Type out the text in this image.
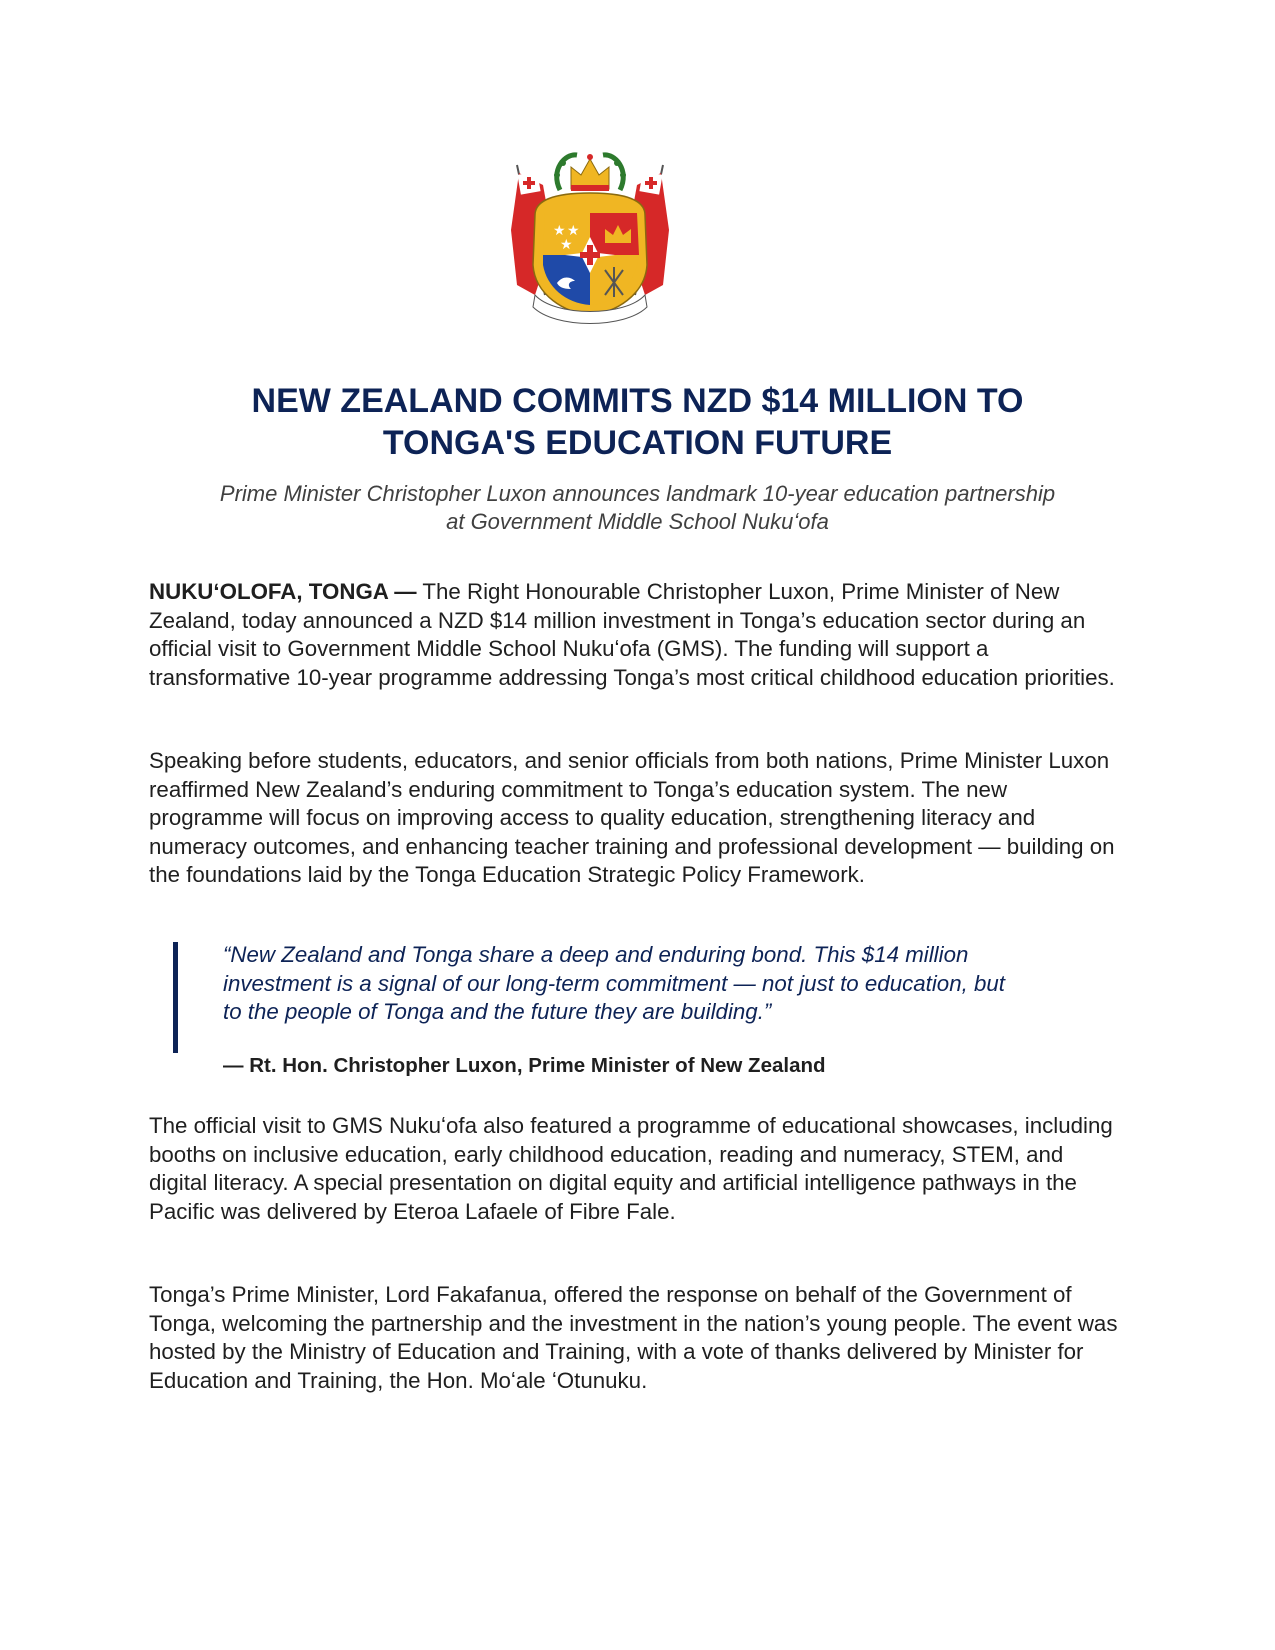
★ ★
★
NEW ZEALAND COMMITS NZD $14 MILLION TO
TONGA'S EDUCATION FUTURE

Prime Minister Christopher Luxon announces landmark 10-year education partnership
at Government Middle School Nukuʻofa

NUKUʻOLOFA, TONGA — The Right Honourable Christopher Luxon, Prime Minister of New Zealand, today announced a NZD $14 million investment in Tonga’s education sector during an official visit to Government Middle School Nukuʻofa (GMS). The funding will support a transformative 10-year programme addressing Tonga’s most critical childhood education priorities.

Speaking before students, educators, and senior officials from both nations, Prime Minister Luxon reaffirmed New Zealand’s enduring commitment to Tonga’s education system. The new programme will focus on improving access to quality education, strengthening literacy and numeracy outcomes, and enhancing teacher training and professional development — building on the foundations laid by the Tonga Education Strategic Policy Framework.

“New Zealand and Tonga share a deep and enduring bond. This $14 million investment is a signal of our long-term commitment — not just to education, but to the people of Tonga and the future they are building.”

— Rt. Hon. Christopher Luxon, Prime Minister of New Zealand

The official visit to GMS Nukuʻofa also featured a programme of educational showcases, including booths on inclusive education, early childhood education, reading and numeracy, STEM, and digital literacy. A special presentation on digital equity and artificial intelligence pathways in the Pacific was delivered by Eteroa Lafaele of Fibre Fale.

Tonga’s Prime Minister, Lord Fakafanua, offered the response on behalf of the Government of Tonga, welcoming the partnership and the investment in the nation’s young people. The event was hosted by the Ministry of Education and Training, with a vote of thanks delivered by Minister for Education and Training, the Hon. Moʻale ʻOtunuku.
